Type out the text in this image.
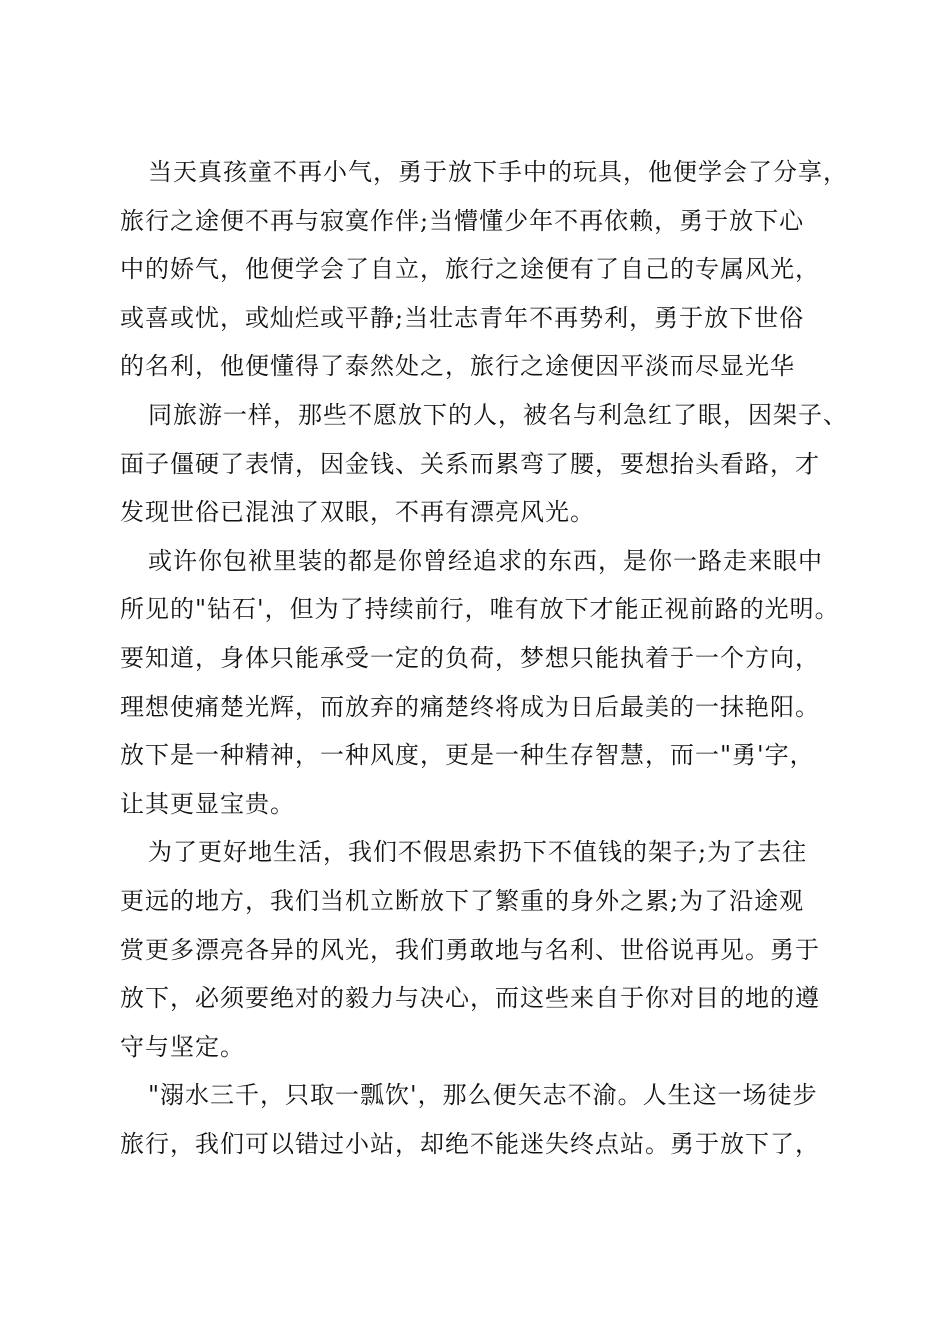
当天真孩童不再小气，勇于放下手中的玩具，他便学会了分享，
旅行之途便不再与寂寞作伴;当懵懂少年不再依赖，勇于放下心
中的娇气，他便学会了自立，旅行之途便有了自己的专属风光，
或喜或忧，或灿烂或平静;当壮志青年不再势利，勇于放下世俗
的名利，他便懂得了泰然处之，旅行之途便因平淡而尽显光华
同旅游一样，那些不愿放下的人，被名与利急红了眼，因架子、
面子僵硬了表情，因金钱、关系而累弯了腰，要想抬头看路，才
发现世俗已混浊了双眼，不再有漂亮风光。
或许你包袱里装的都是你曾经追求的东西，是你一路走来眼中
所见的"钻石'，但为了持续前行，唯有放下才能正视前路的光明。
要知道，身体只能承受一定的负荷，梦想只能执着于一个方向，
理想使痛楚光辉，而放弃的痛楚终将成为日后最美的一抹艳阳。
放下是一种精神，一种风度，更是一种生存智慧，而一"勇'字，
让其更显宝贵。
为了更好地生活，我们不假思索扔下不值钱的架子;为了去往
更远的地方，我们当机立断放下了繁重的身外之累;为了沿途观
赏更多漂亮各异的风光，我们勇敢地与名利、世俗说再见。勇于
放下，必须要绝对的毅力与决心，而这些来自于你对目的地的遵
守与坚定。
"溺水三千，只取一瓢饮'，那么便矢志不渝。人生这一场徒步
旅行，我们可以错过小站，却绝不能迷失终点站。勇于放下了，
